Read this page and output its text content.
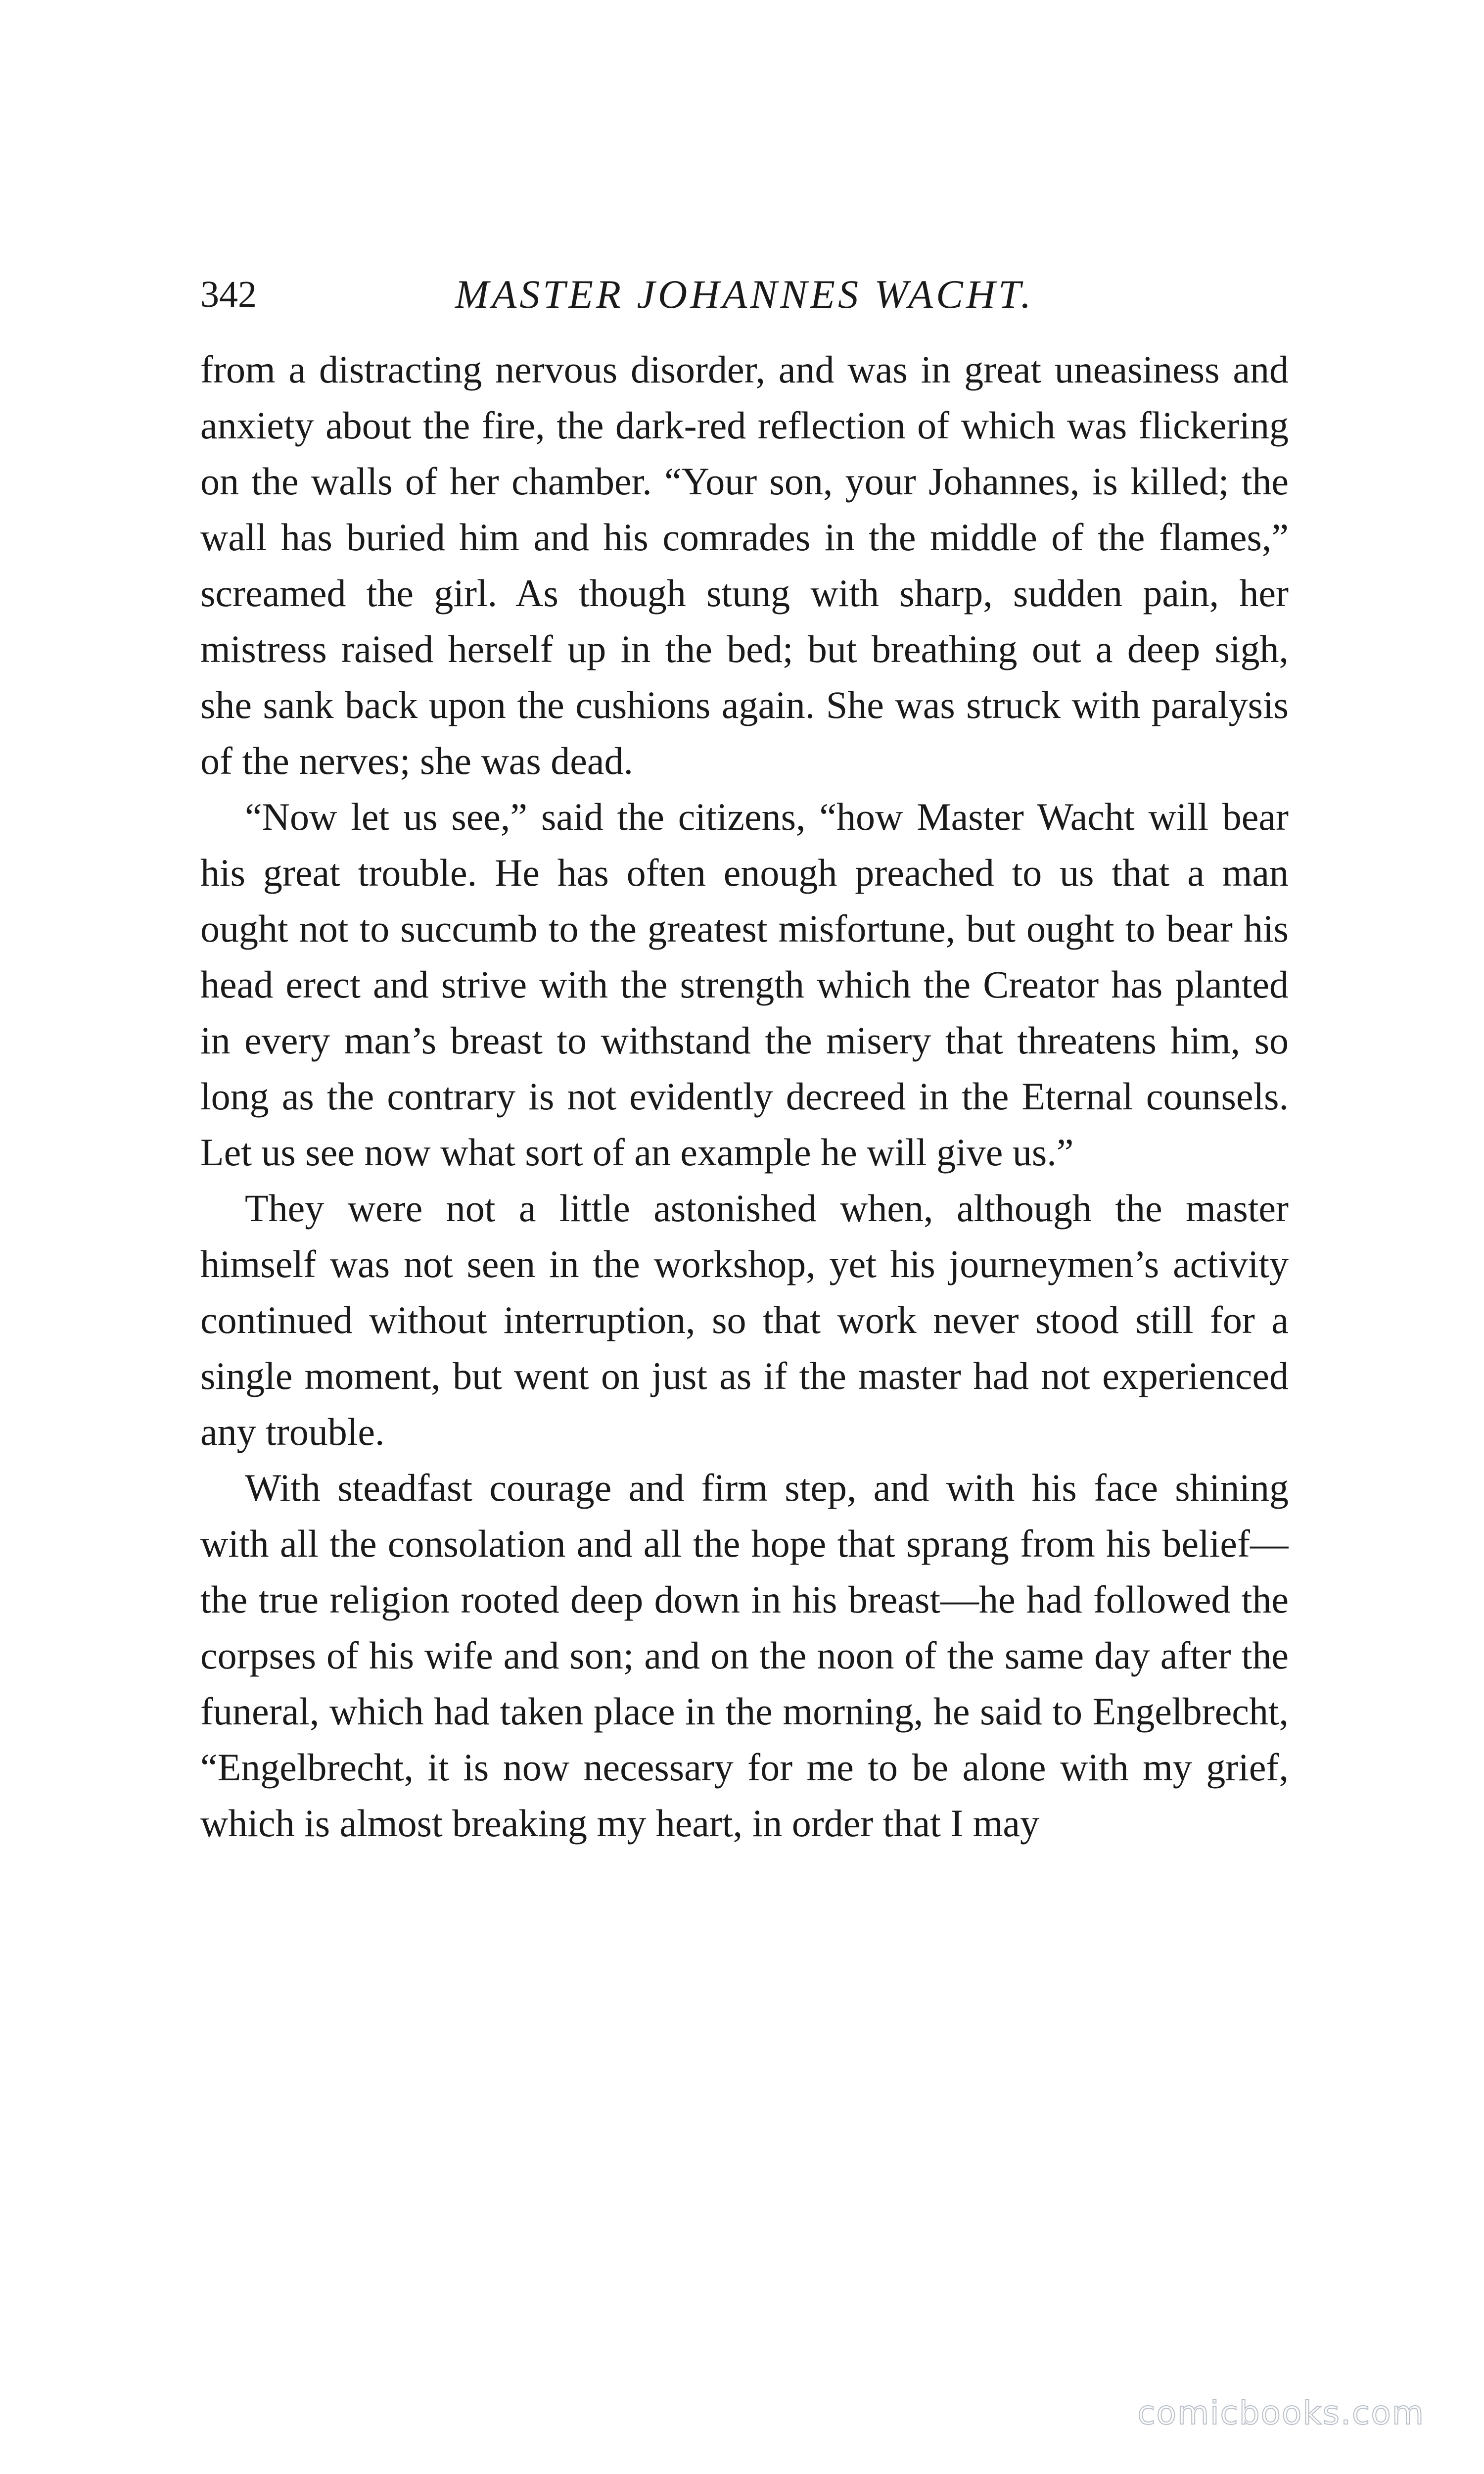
342	MASTER JOHANNES WACHT.

from a distracting nervous disorder, and was in great uneasiness and anxiety about the fire, the dark-red reflection of which was flickering on the walls of her chamber. “Your son, your Johannes, is killed; the wall has buried him and his comrades in the middle of the flames,” screamed the girl. As though stung with sharp, sudden pain, her mistress raised herself up in the bed; but breathing out a deep sigh, she sank back upon the cushions again. She was struck with paralysis of the nerves; she was dead.

“Now let us see,” said the citizens, “how Master Wacht will bear his great trouble. He has often enough preached to us that a man ought not to succumb to the greatest misfortune, but ought to bear his head erect and strive with the strength which the Creator has planted in every man’s breast to withstand the misery that threatens him, so long as the contrary is not evidently decreed in the Eternal counsels. Let us see now what sort of an example he will give us.”

They were not a little astonished when, although the master himself was not seen in the workshop, yet his journeymen’s activity continued without interruption, so that work never stood still for a single moment, but went on just as if the master had not experienced any trouble.

With steadfast courage and firm step, and with his face shining with all the consolation and all the hope that sprang from his belief—the true religion rooted deep down in his breast—he had followed the corpses of his wife and son; and on the noon of the same day after the funeral, which had taken place in the morning, he said to Engelbrecht, “Engelbrecht, it is now necessary for me to be alone with my grief, which is almost breaking my heart, in order that I may

comicbooks.com
